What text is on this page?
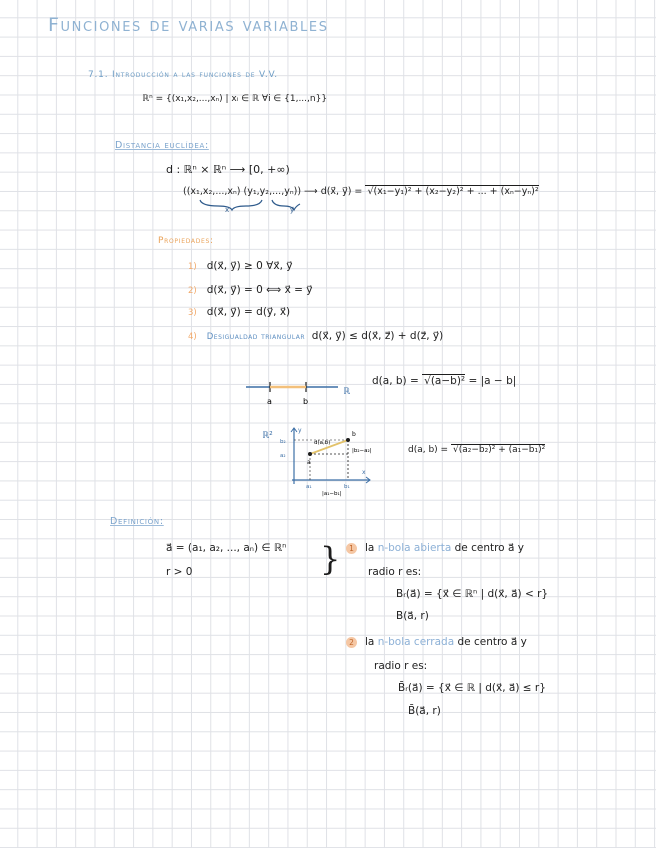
Funciones de varias variables
7.1. Introducción a las funciones de V.V.
ℝⁿ = {(x₁,x₂,...,xₙ) | xᵢ ∈ ℝ ∀i ∈ {1,...,n}}
Distancia euclídea:
d : ℝⁿ × ℝⁿ ⟶ [0, +∞)
((x₁,x₂,...,xₙ) (y₁,y₂,...,yₙ)) ⟶ d(x⃗, y⃗) = √(x₁−y₁)² + (x₂−y₂)² + ... + (xₙ−yₙ)²
x⃗	y⃗
Propiedades:
1) d(x⃗, y⃗) ≥ 0 ∀x⃗, y⃗
2) d(x⃗, y⃗) = 0 ⟺ x⃗ = y⃗
3) d(x⃗, y⃗) = d(y⃗, x⃗)
4) Desigualdad triangular d(x⃗, y⃗) ≤ d(x⃗, z⃗) + d(z⃗, y⃗)
a	b
ℝ
d(a, b) = √(a−b)² = |a − b|
ℝ²
a
b
y
x
a₁	b₁
a₂
b₂	d(a,b)
|b₂−a₂|
|a₁−b₁|
d(a, b) = √(a₂−b₂)² + (a₁−b₁)²
Definición:
a⃗ = (a₁, a₂, ..., aₙ) ∈ ℝⁿ
r > 0	}	1 la n-bola abierta de centro a⃗ y
radio r es:
Bᵣ(a⃗) = {x⃗ ∈ ℝⁿ | d(x⃗, a⃗) < r}
B(a⃗, r)
2 la n-bola cerrada de centro a⃗ y
radio r es:
B̄ᵣ(a⃗) = {x⃗ ∈ ℝ | d(x⃗, a⃗) ≤ r}
B̄(a⃗, r)
